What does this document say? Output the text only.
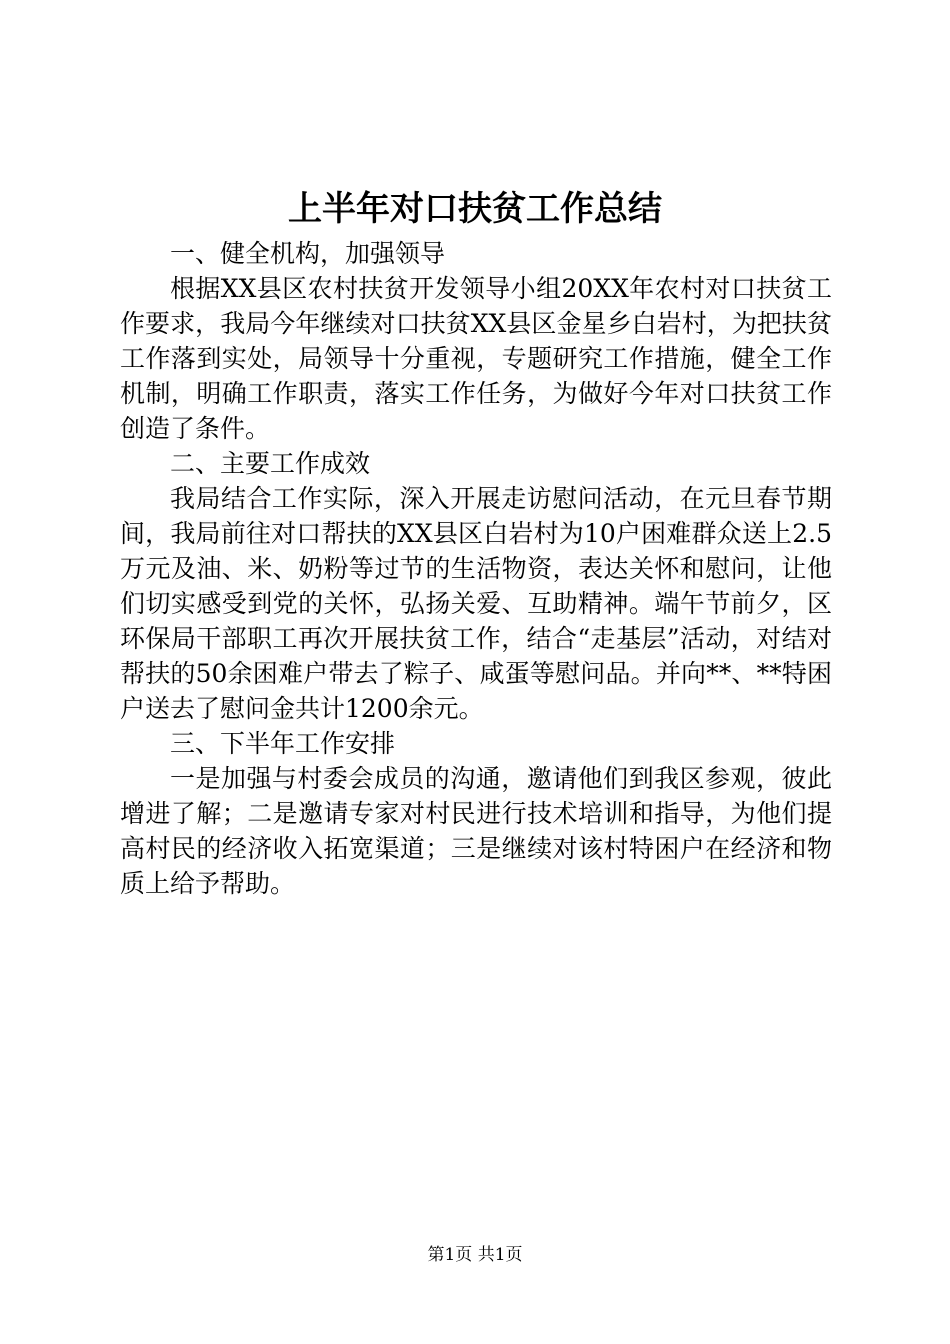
上半年对口扶贫工作总结

一、健全机构，加强领导

根据XX县区农村扶贫开发领导小组20XX年农村对口扶贫工作要求，我局今年继续对口扶贫XX县区金星乡白岩村，为把扶贫工作落到实处，局领导十分重视，专题研究工作措施，健全工作机制，明确工作职责，落实工作任务，为做好今年对口扶贫工作创造了条件。

二、主要工作成效

我局结合工作实际，深入开展走访慰问活动，在元旦春节期间，我局前往对口帮扶的XX县区白岩村为10户困难群众送上2.5万元及油、米、奶粉等过节的生活物资，表达关怀和慰问，让他们切实感受到党的关怀，弘扬关爱、互助精神。端午节前夕，区环保局干部职工再次开展扶贫工作，结合“走基层”活动，对结对帮扶的50余困难户带去了粽子、咸蛋等慰问品。并向**、**特困户送去了慰问金共计1200余元。

三、下半年工作安排

一是加强与村委会成员的沟通，邀请他们到我区参观，彼此增进了解；二是邀请专家对村民进行技术培训和指导，为他们提高村民的经济收入拓宽渠道；三是继续对该村特困户在经济和物质上给予帮助。

第1页 共1页
